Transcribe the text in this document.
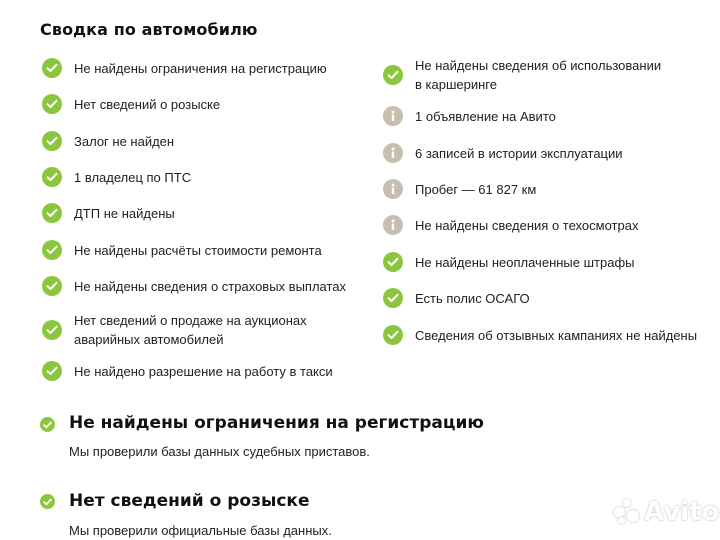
Сводка по автомобилю
Не найдены ограничения на регистрацию
Нет сведений о розыске
Залог не найден
1 владелец по ПТС
ДТП не найдены
Не найдены расчёты стоимости ремонта
Не найдены сведения о страховых выплатах
Нет сведений о продаже на аукционах
аварийных автомобилей
Не найдено разрешение на работу в такси
Не найдены сведения об использовании
в каршеринге
1 объявление на Авито
6 записей в истории эксплуатации
Пробег — 61 827 км
Не найдены сведения о техосмотрах
Не найдены неоплаченные штрафы
Есть полис ОСАГО
Сведения об отзывных кампаниях не найдены
Не найдены ограничения на регистрацию
Мы проверили базы данных судебных приставов.
Нет сведений о розыске
Мы проверили официальные базы данных.
Avito
